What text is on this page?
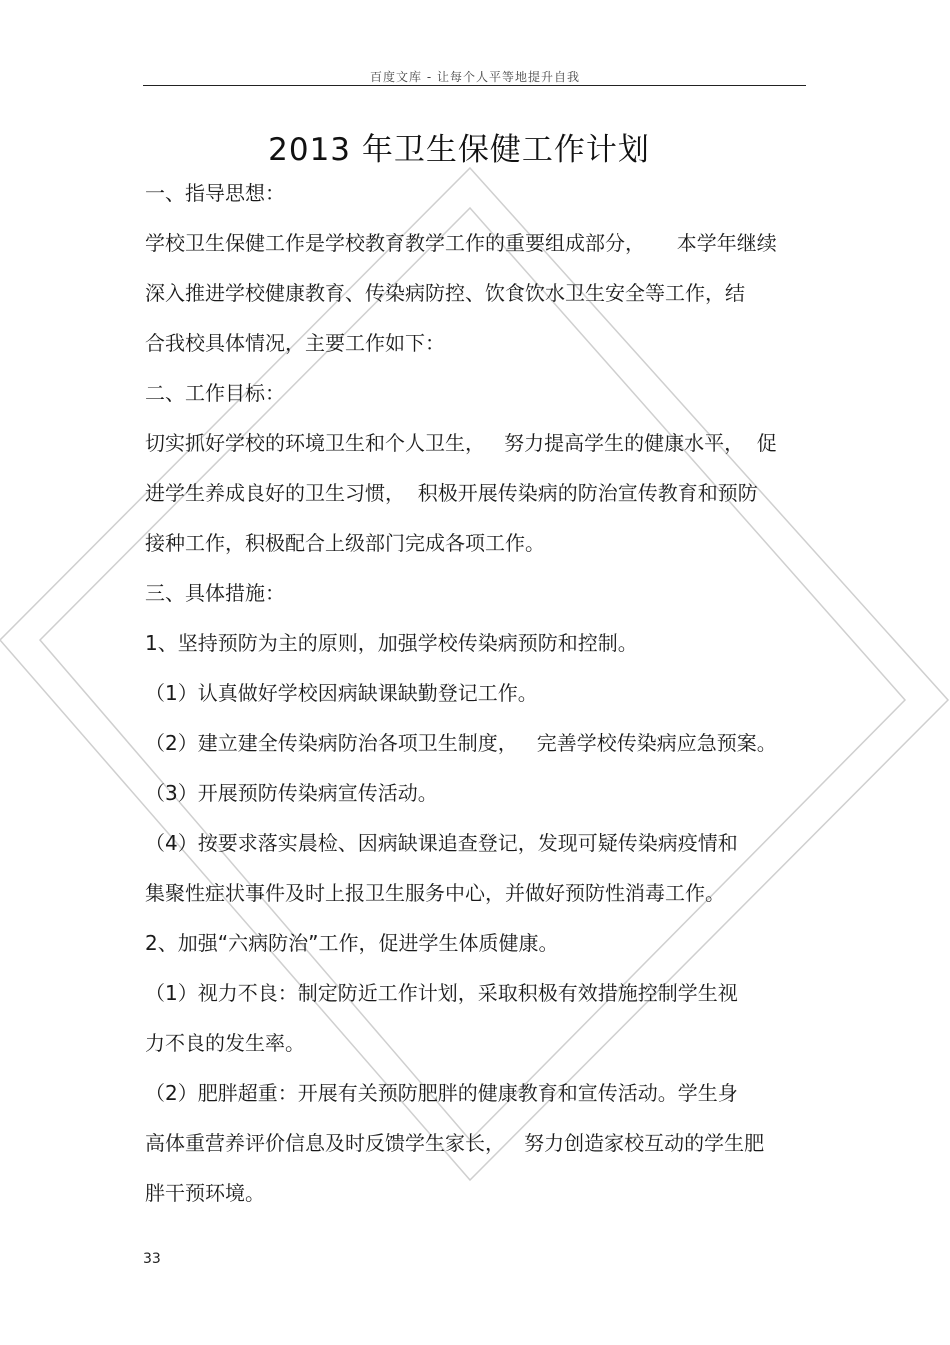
百度文库 - 让每个人平等地提升自我
2013 年卫生保健工作计划
一、指导思想：
学校卫生保健工作是学校教育教学工作的重要组成部分，     本学年继续
深入推进学校健康教育、传染病防控、饮食饮水卫生安全等工作，结
合我校具体情况，主要工作如下：
二、工作目标：
切实抓好学校的环境卫生和个人卫生，   努力提高学生的健康水平，  促
进学生养成良好的卫生习惯，  积极开展传染病的防治宣传教育和预防
接种工作，积极配合上级部门完成各项工作。
三、具体措施：
1、坚持预防为主的原则，加强学校传染病预防和控制。
（1）认真做好学校因病缺课缺勤登记工作。
（2）建立建全传染病防治各项卫生制度，   完善学校传染病应急预案。
（3）开展预防传染病宣传活动。
（4）按要求落实晨检、因病缺课追查登记，发现可疑传染病疫情和
集聚性症状事件及时上报卫生服务中心，并做好预防性消毒工作。
2、加强“六病防治”工作，促进学生体质健康。
（1）视力不良：制定防近工作计划，采取积极有效措施控制学生视
力不良的发生率。
（2）肥胖超重：开展有关预防肥胖的健康教育和宣传活动。学生身
高体重营养评价信息及时反馈学生家长，   努力创造家校互动的学生肥
胖干预环境。
33
